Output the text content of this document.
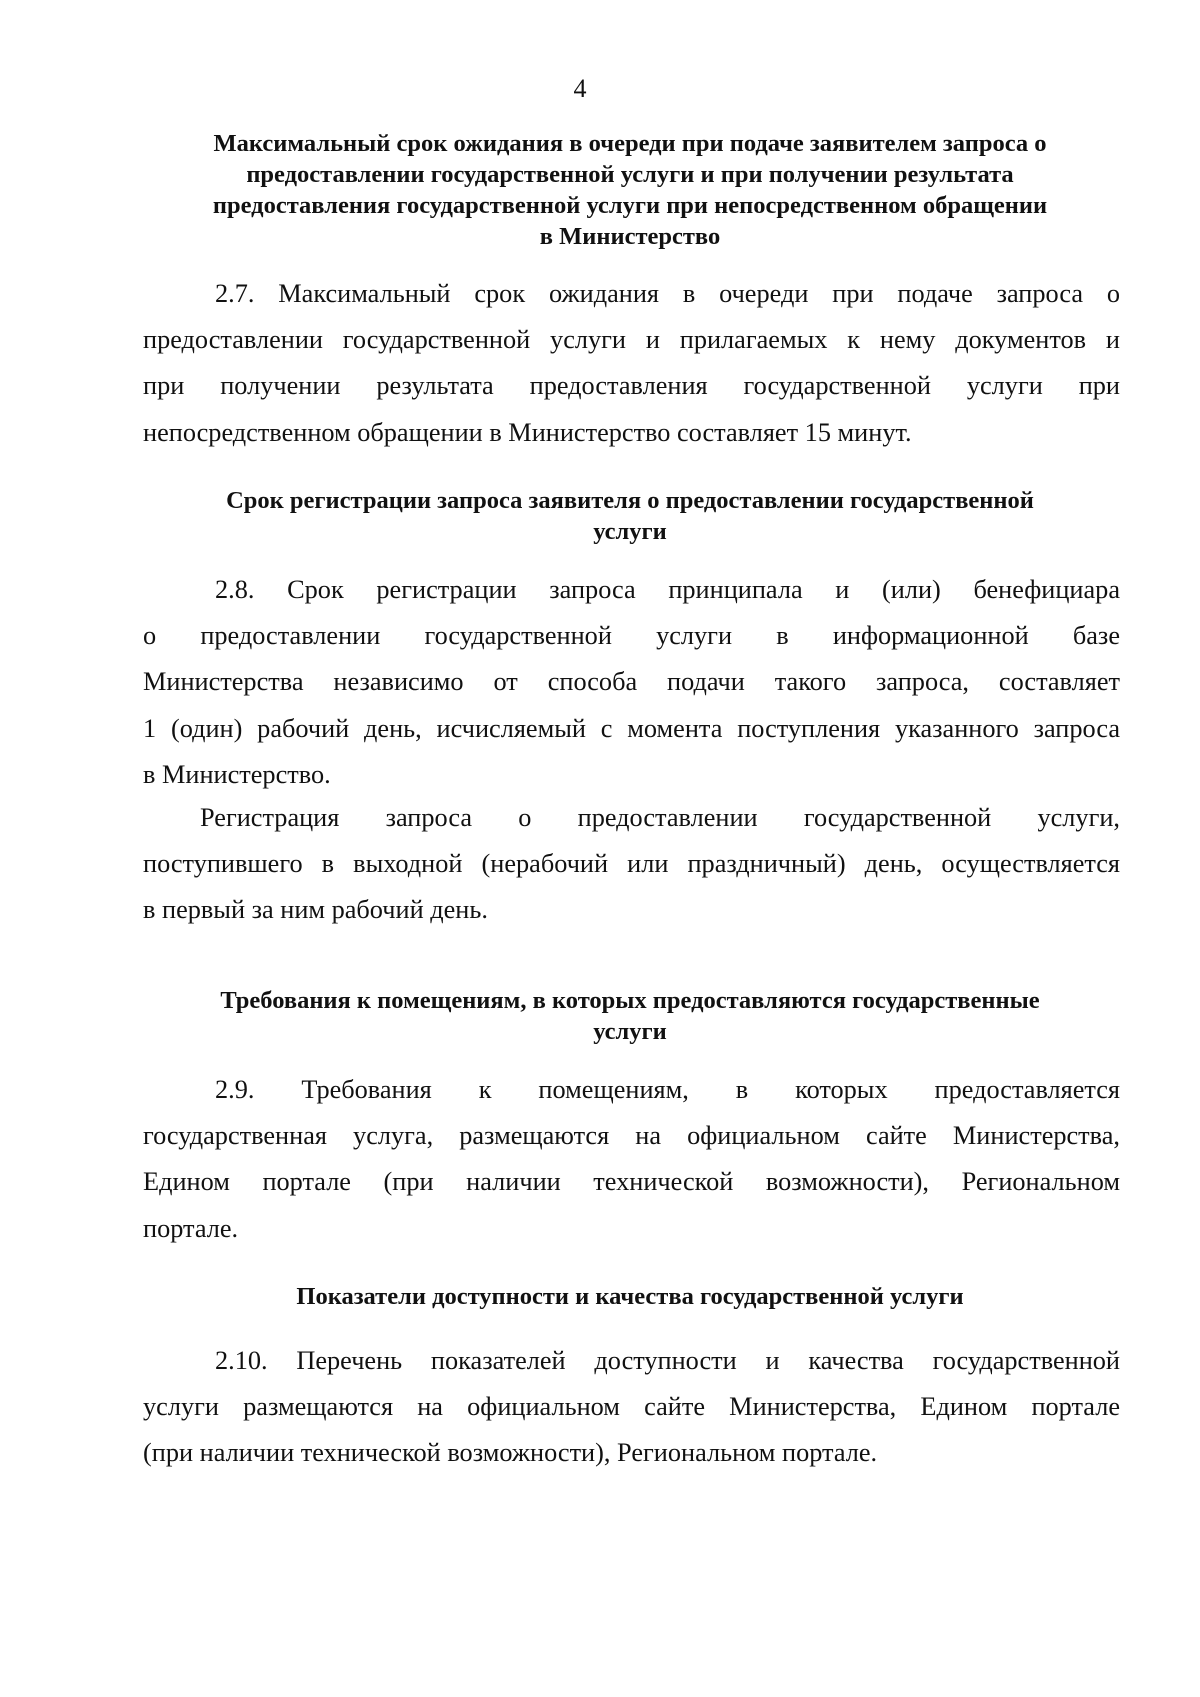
4
Максимальный срок ожидания в очереди при подаче заявителем запроса о
предоставлении государственной услуги и при получении результата
предоставления государственной услуги при непосредственном обращении
в Министерство
2.7. Максимальный срок ожидания в очереди при подаче запроса о
предоставлении государственной услуги и прилагаемых к нему документов и
при получении результата предоставления государственной услуги при
непосредственном обращении в Министерство составляет 15 минут.
Срок регистрации запроса заявителя о предоставлении государственной
услуги
2.8. Срок регистрации запроса принципала и (или) бенефициара
о предоставлении государственной услуги в информационной базе
Министерства независимо от способа подачи такого запроса, составляет
1 (один) рабочий день, исчисляемый с момента поступления указанного запроса
в Министерство.
Регистрация запроса о предоставлении государственной услуги,
поступившего в выходной (нерабочий или праздничный) день, осуществляется
в первый за ним рабочий день.
Требования к помещениям, в которых предоставляются государственные
услуги
2.9. Требования к помещениям, в которых предоставляется
государственная услуга, размещаются на официальном сайте Министерства,
Едином портале (при наличии технической возможности), Региональном
портале.
Показатели доступности и качества государственной услуги
2.10. Перечень показателей доступности и качества государственной
услуги размещаются на официальном сайте Министерства, Едином портале
(при наличии технической возможности), Региональном портале.
